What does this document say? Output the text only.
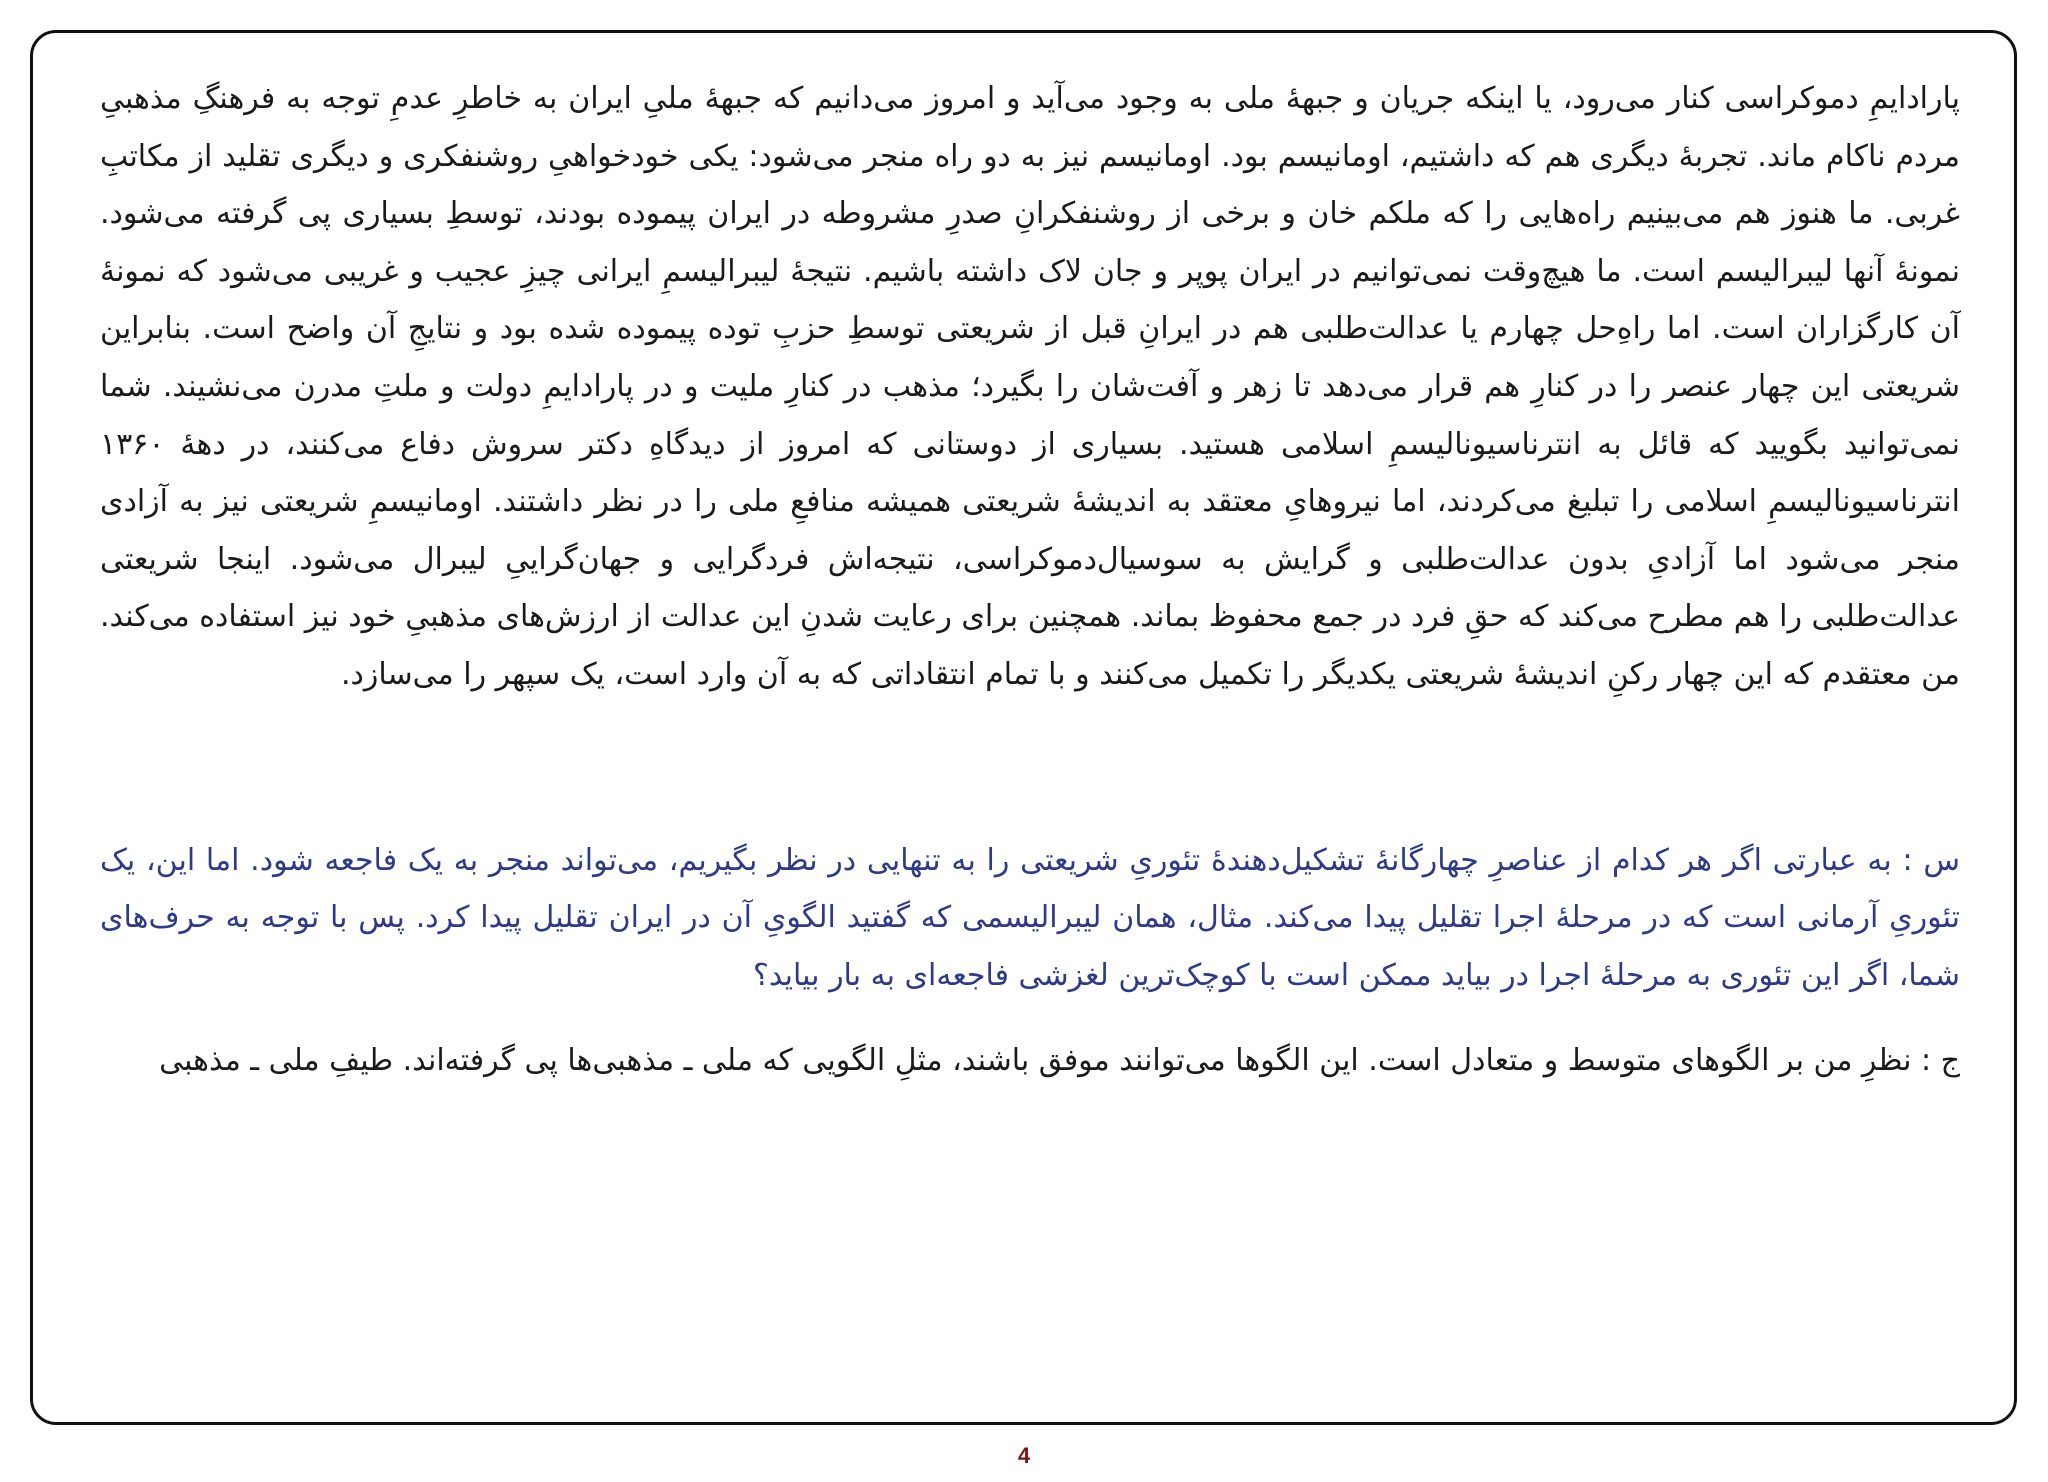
پارادایمِ دموکراسی کنار می‌رود، یا اینکه جریان و جبههٔ ملی به وجود می‌آید و امروز می‌دانیم که جبههٔ ملیِ ایران به خاطرِ عدمِ توجه به فرهنگِ مذهبیِ مردم ناکام ماند. تجربهٔ دیگری هم که داشتیم، اومانیسم بود. اومانیسم نیز به دو راه منجر می‌شود: یکی خودخواهیِ روشنفکری و دیگری تقلید از مکاتبِ غربی. ما هنوز هم می‌بینیم راه‌هایی را که ملکم خان و برخی از روشنفکرانِ صدرِ مشروطه در ایران پیموده بودند، توسطِ بسیاری پی گرفته می‌شود. نمونهٔ آنها لیبرالیسم است. ما هیچ‌وقت نمی‌توانیم در ایران پوپر و جان لاک داشته باشیم. نتیجهٔ لیبرالیسمِ ایرانی چیزِ عجیب و غریبی می‌شود که نمونهٔ آن کارگزاران است. اما راهِ‌حل چهارم یا عدالت‌طلبی هم در ایرانِ قبل از شریعتی توسطِ حزبِ توده پیموده شده بود و نتایجِ آن واضح است. بنابراین شریعتی این چهار عنصر را در کنارِ هم قرار می‌دهد تا زهر و آفت‌شان را بگیرد؛ مذهب در کنارِ ملیت و در پارادایمِ دولت و ملتِ مدرن می‌نشیند. شما نمی‌توانید بگویید که قائل به انترناسیونالیسمِ اسلامی هستید. بسیاری از دوستانی که امروز از دیدگاهِ دکتر سروش دفاع می‌کنند، در دههٔ ۱۳۶۰ انترناسیونالیسمِ اسلامی را تبلیغ می‌کردند، اما نیروهایِ معتقد به اندیشهٔ شریعتی همیشه منافعِ ملی را در نظر داشتند. اومانیسمِ شریعتی نیز به آزادی منجر می‌شود اما آزادیِ بدون عدالت‌طلبی و گرایش به سوسیال‌دموکراسی، نتیجه‌اش فردگرایی و جهان‌گراییِ لیبرال می‌شود. اینجا شریعتی عدالت‌طلبی را هم مطرح می‌کند که حقِ فرد در جمع محفوظ بماند. همچنین برای رعایت شدنِ این عدالت از ارزش‌های مذهبیِ خود نیز استفاده می‌کند. من معتقدم که این چهار رکنِ اندیشهٔ شریعتی یکدیگر را تکمیل می‌کنند و با تمام انتقاداتی که به آن وارد است، یک سپهر را می‌سازد.

س : به عبارتی اگر هر کدام از عناصرِ چهارگانهٔ تشکیل‌دهندهٔ تئوریِ شریعتی را به تنهایی در نظر بگیریم، می‌تواند منجر به یک فاجعه شود. اما این، یک تئوریِ آرمانی است که در مرحلهٔ اجرا تقلیل پیدا می‌کند. مثال، همان لیبرالیسمی که گفتید الگویِ آن در ایران تقلیل پیدا کرد. پس با توجه به حرف‌های شما، اگر این تئوری به مرحلهٔ اجرا در بیاید ممکن است با کوچک‌ترین لغزشی فاجعه‌ای به بار بیاید؟

ج : نظرِ من بر الگوهای متوسط و متعادل است. این الگوها می‌توانند موفق باشند، مثلِ الگویی که ملی ـ مذهبی‌ها پی گرفته‌اند. طیفِ ملی ـ مذهبی

4
